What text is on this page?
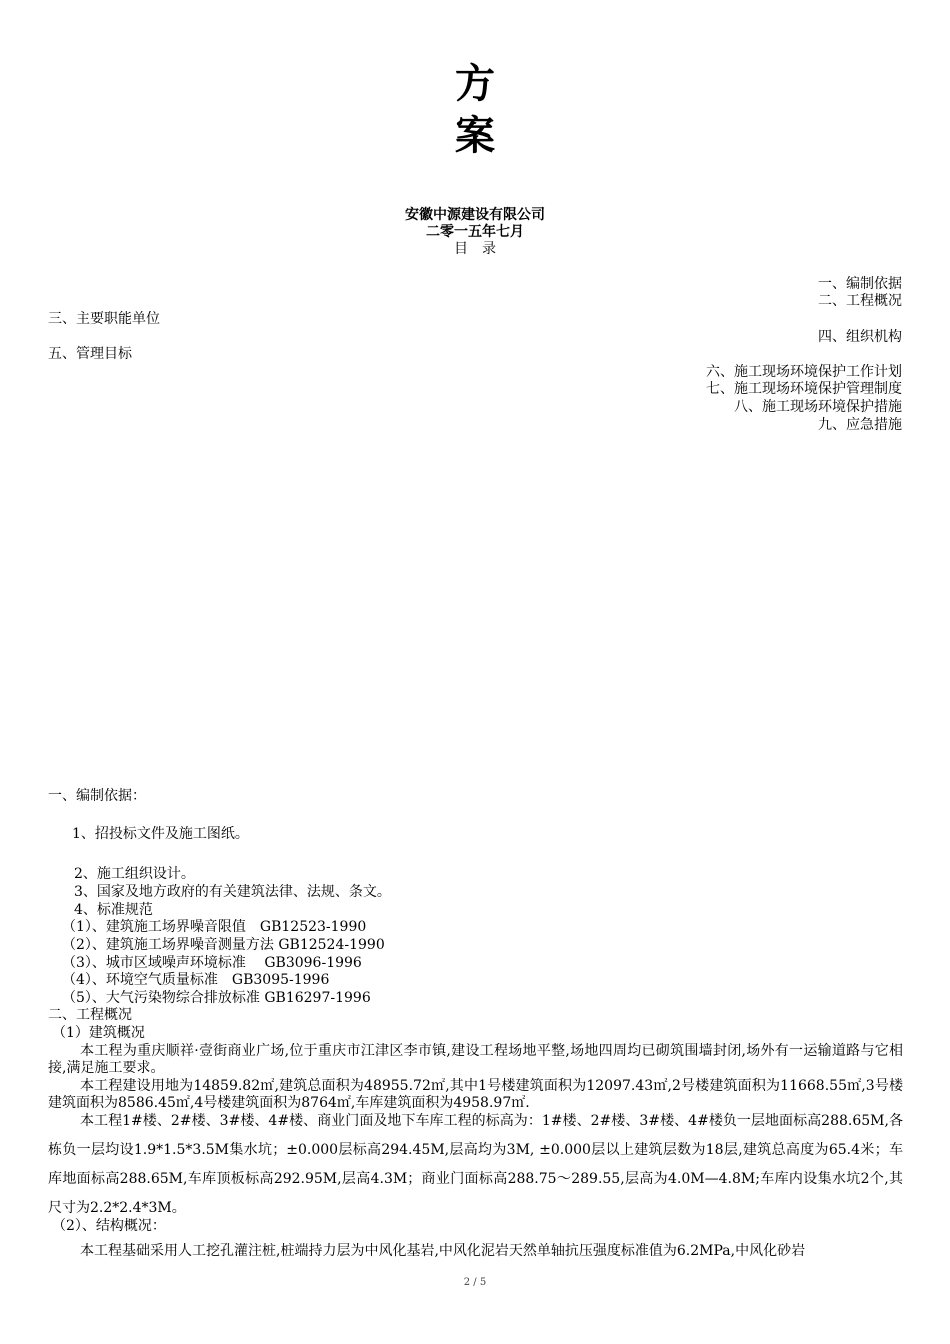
方
案
安徽中源建设有限公司
二零一五年七月
目　录
一、编制依据
二、工程概况
三、主要职能单位
四、组织机构
五、管理目标
六、施工现场环境保护工作计划
七、施工现场环境保护管理制度
八、施工现场环境保护措施
九、应急措施
一、编制依据：
1、招投标文件及施工图纸。
2、施工组织设计。
3、国家及地方政府的有关建筑法律、法规、条文。
4、标准规范
（1）、建筑施工场界噪音限值　GB12523-1990
（2）、建筑施工场界噪音测量方法 GB12524-1990
（3）、城市区域噪声环境标准　 GB3096-1996
（4）、环境空气质量标准　GB3095-1996
（5）、大气污染物综合排放标准 GB16297-1996
二、工程概况
（1）建筑概况
本工程为重庆顺祥·壹街商业广场,位于重庆市江津区李市镇,建设工程场地平整,场地四周均已砌筑围墙封闭,场外有一运输道路与它相接,满足施工要求。
本工程建设用地为14859.82㎡,建筑总面积为48955.72㎡,其中1号楼建筑面积为12097.43㎡,2号楼建筑面积为11668.55㎡,3号楼建筑面积为8586.45㎡,4号楼建筑面积为8764㎡,车库建筑面积为4958.97㎡.
本工程1#楼、2#楼、3#楼、4#楼、商业门面及地下车库工程的标高为：1#楼、2#楼、3#楼、4#楼负一层地面标高288.65M,各栋负一层均设1.9*1.5*3.5M集水坑；±0.000层标高294.45M,层高均为3M, ±0.000层以上建筑层数为18层,建筑总高度为65.4米；车库地面标高288.65M,车库顶板标高292.95M,层高4.3M；商业门面标高288.75～289.55,层高为4.0M—4.8M;车库内设集水坑2个,其尺寸为2.2*2.4*3M。
（2）、结构概况：
本工程基础采用人工挖孔灌注桩,桩端持力层为中风化基岩,中风化泥岩天然单轴抗压强度标准值为6.2MPa,中风化砂岩
2 / 5
